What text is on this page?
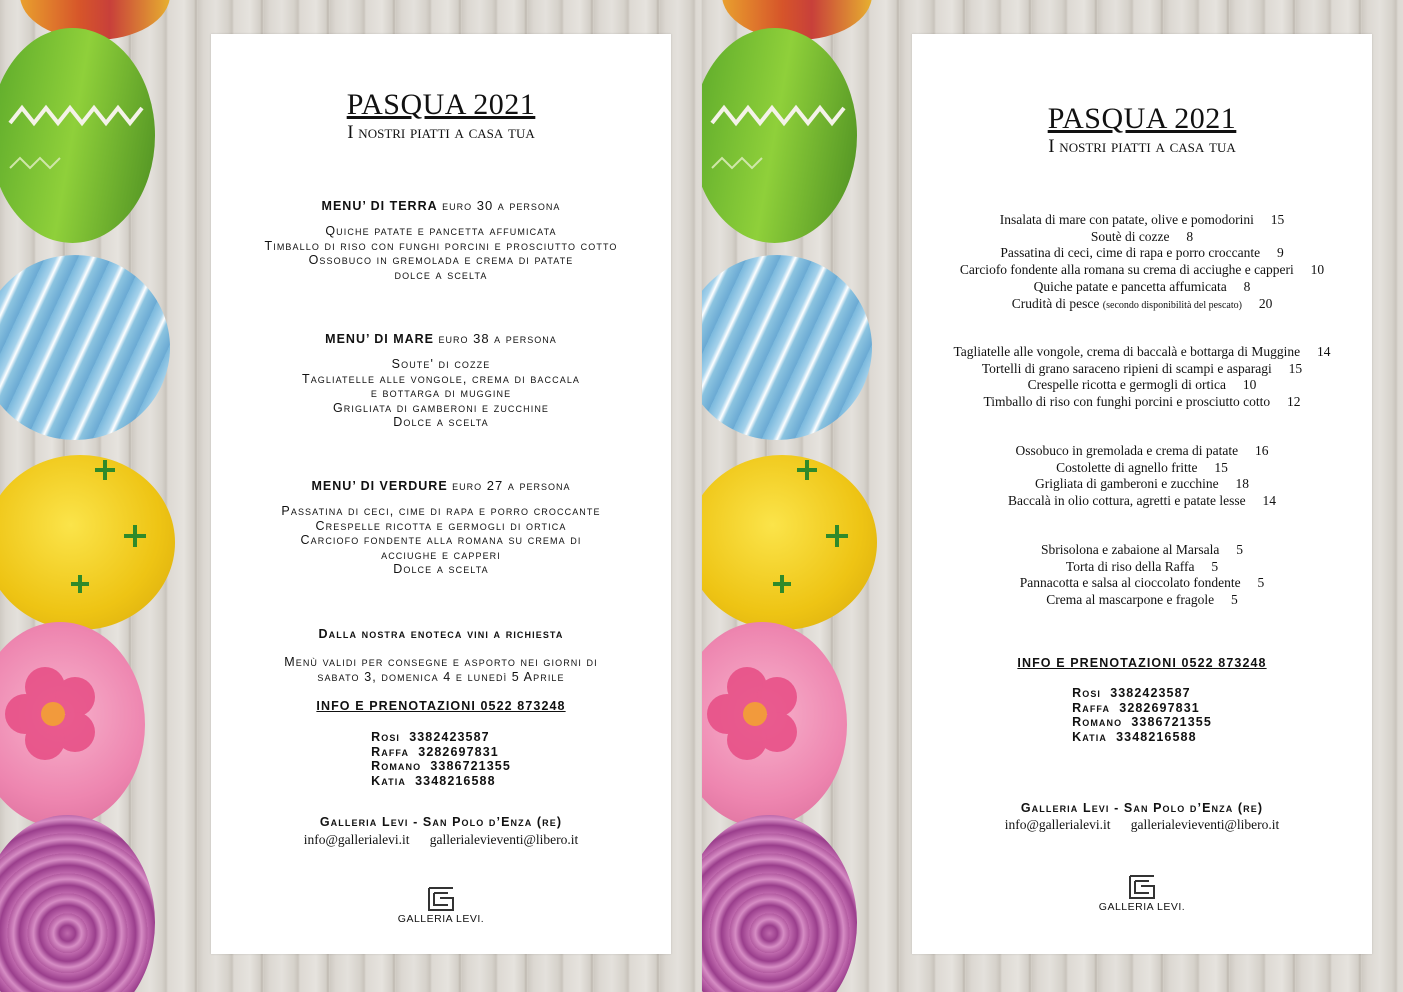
PASQUA 2021
I nostri piatti a casa tua
MENU’ DI TERRA euro 30 a persona
Quiche patate e pancetta affumicata
Timballo di riso con funghi porcini e prosciutto cotto
Ossobuco in gremolada e crema di patate
dolce a scelta
MENU’ DI MARE euro 38 a persona
Soute' di cozze
Tagliatelle alle vongole, crema di baccala
e bottarga di muggine
Grigliata di gamberoni e zucchine
Dolce a scelta
MENU’ DI VERDURE euro 27 a persona
Passatina di ceci, cime di rapa e porro croccante
Crespelle ricotta e germogli di ortica
Carciofo fondente alla romana su crema di
acciughe e capperi
Dolce a scelta
Dalla nostra enoteca vini a richiesta
Menù validi per consegne e asporto nei giorni di
sabato 3, domenica 4 e lunedì 5 Aprile
INFO E PRENOTAZIONI 0522 873248
Rosi 3382423587
Raffa 3282697831
Romano 3386721355
Katia 3348216588
Galleria Levi - San Polo d’Enza (re)
info@gallerialevi.it gallerialevieventi@libero.it
GALLERIA LEVI.
PASQUA 2021
I nostri piatti a casa tua
Insalata di mare con patate, olive e pomodorini 15
Soutè di cozze 8
Passatina di ceci, cime di rapa e porro croccante 9
Carciofo fondente alla romana su crema di acciughe e capperi 10
Quiche patate e pancetta affumicata 8
Crudità di pesce (secondo disponibilità del pescato) 20
Tagliatelle alle vongole, crema di baccalà e bottarga di Muggine 14
Tortelli di grano saraceno ripieni di scampi e asparagi 15
Crespelle ricotta e germogli di ortica 10
Timballo di riso con funghi porcini e prosciutto cotto 12
Ossobuco in gremolada e crema di patate 16
Costolette di agnello fritte 15
Grigliata di gamberoni e zucchine 18
Baccalà in olio cottura, agretti e patate lesse 14
Sbrisolona e zabaione al Marsala 5
Torta di riso della Raffa 5
Pannacotta e salsa al cioccolato fondente 5
Crema al mascarpone e fragole 5
INFO E PRENOTAZIONI 0522 873248
Rosi 3382423587
Raffa 3282697831
Romano 3386721355
Katia 3348216588
Galleria Levi - San Polo d’Enza (re)
info@gallerialevi.it gallerialevieventi@libero.it
GALLERIA LEVI.
